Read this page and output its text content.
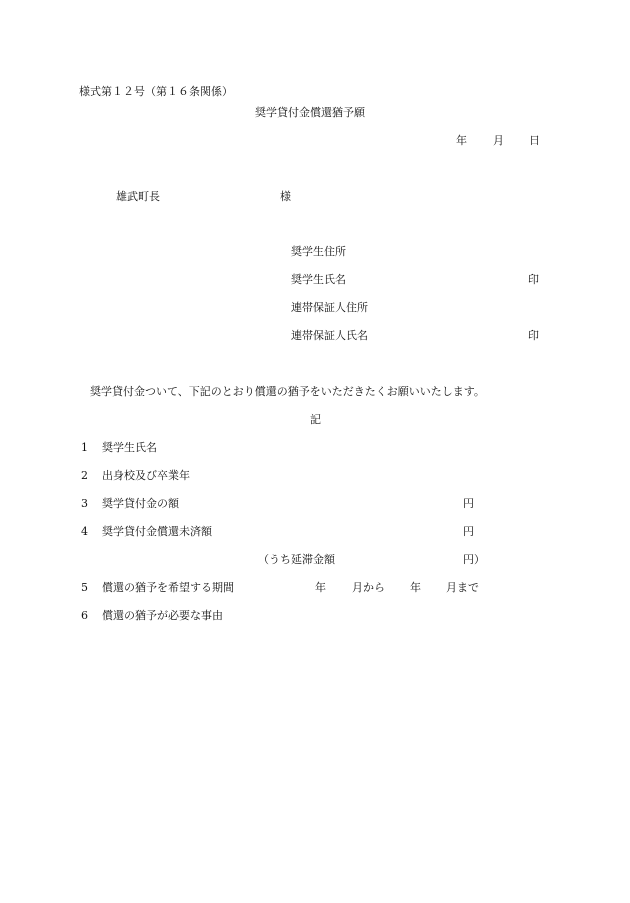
様式第１２号（第１６条関係）
奨学貸付金償還猶予願
年 月 日
雄武町長	様
奨学生住所
奨学生氏名	印
連帯保証人住所
連帯保証人氏名	印
奨学貸付金ついて、下記のとおり償還の猶予をいただきたくお願いいたします。
記
1 奨学生氏名
2 出身校及び卒業年
3 奨学貸付金の額	円
4 奨学貸付金償還未済額	円
（うち延滞金額	円）
5 償還の猶予を希望する期間	年 月から 年 月まで
6 償還の猶予が必要な事由
